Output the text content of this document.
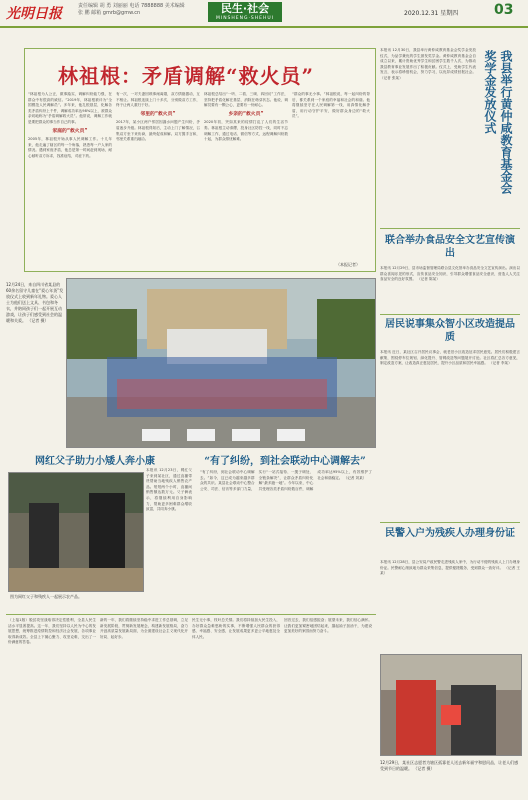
光明日报	责任编辑 胡 勇 刘丽丽 电话 7888888 美术编辑 张 鹏 邮箱 gmrb@gmw.cn	民生·社会
MINSHENG·SHEHUI
2020.12.31 星期四	03
林祖根：矛盾调解“救火员”
“林祖根为人公正，做事踏实，调解纠纷能力强，在群众中有很高的威信。”2019年，林祖根被评为“全国模范人民调解员”。多年来，他扎根基层，化解各类矛盾纠纷上千件，调解成功率达98%以上，被群众亲切地称为“矛盾调解救火员”。他常说，调解工作就是要把群众的事当作自己的事。
家庭的“救火员”
2005年，林祖根开始从事人民调解工作。十几年来，他走遍了辖区的每一个角落，熟悉每一户人家的情况。遇到家庭矛盾，他总是第一时间赶到现场，耐心倾听双方诉求，找准症结，对症下药。
有一次，一对夫妻因琐事闹离婚，双方情绪激动，互不相让。林祖根连续上门十多次，分别做双方工作，终于让两人重归于好。
邻里的“救火员”
2017年，某小区两户邻居因漏水问题产生纠纷，矛盾逐步升级。林祖根得知后，主动上门了解情况，召集双方坐下来协商，最终促成和解。双方握手言和，邻里关系重归融洽。
林祖根总结出“一听、二看、三调、四回访”工作法，坚持把矛盾化解在基层、消除在萌芽状态。他说，调解员要有一颗公心，更要有一份耐心。
乡亲的“救火员”
2020年初，突如其来的疫情打乱了人们的生活节奏。林祖根主动请缨，投身社区防控一线，同时不忘调解工作，通过电话、微信等方式，远程调解纠纷数十起，为群众排忧解难。
“群众的事无小事。”林祖根说，每一起纠纷的背后，都关系到一个家庭的幸福和社会的和谐。他将继续坚守在人民调解第一线，用真情化解矛盾，用行动守护平安，做好群众身边的“救火员”。
（本报记者）
本报讯 12月30日，我县举行黄仲咸教育基金会奖学金发放仪式，为品学兼优的学生颁发奖学金。黄仲咸教育基金会自成立以来，累计资助优秀学生和贫困学生数千人次，为推动我县教育事业发展作出了积极贡献。仪式上，受助学生代表发言，表示将珍惜机会，努力学习，以优异成绩回报社会。 （记者 张某）	我县举行黄仲咸教育基金会奖学金发放仪式
联合举办食品安全文艺宣传演出
本报讯 12月29日，县市场监督管理局联合县文化馆举办食品安全文艺宣传演出。演出以群众喜闻乐见的形式，宣传食品安全知识，引导群众增强食品安全意识，营造人人关注食品安全的良好氛围。 （记者 陈某）
居民说事集众智小区改造提品质
本报讯 近日，某社区召开居民议事会，就老旧小区改造征求居民意见。居民们积极建言献策，围绕停车位规划、绿化提升、管网改造等问题展开讨论。社区将汇总各方意见，制定改造方案，让改造真正惠及居民，提升小区品质和居民幸福感。 （记者 李某）
民警入户为残疾人办理身份证
本报讯 12月28日，县公安局户政民警走进残疾人家中，为行动不便的残疾人上门办理身份证。民警耐心细致地为群众采集信息，提供便捷服务，受到群众一致好评。 （记者 王某）
12月24日，来自四川省某县的60余名留守儿童在“爱心年货”发放仪式上收到新年礼物。爱心人士为他们送上文具、书包和冬衣，并陪同孩子们一起开展互动游戏，让孩子们感受到社会的温暖和关爱。 （记者 摄）
网红父子助力小矮人奔小康
本报讯 12月23日，网红父子来到某社区，通过直播带货帮助当地残疾人销售农产品。短短两个小时，直播间销售额达数万元。父子俩表示，将继续利用自身影响力，帮助更多困难群众增收致富，共同奔小康。
图为网红父子和残疾人一起展示农产品。
“有了纠纷，到社会联动中心调解去”
“有了纠纷，到社会联动中心调解去。”如今，这已成为越来越多群众的共识。某县社会联动中心整合公安、司法、信访等多部门力量，实行“一站式接待、一揽子调处、全链条解决”，让群众矛盾纠纷化解“最多跑一地”。今年以来，中心共受理各类矛盾纠纷数百件，调解成功率达95%以上，有效维护了社会和谐稳定。 （记者 刘某）
（上接1版）脱贫攻坚战取得决定性胜利，全县人民生活水平显著提高。这一年，我们坚持以人民为中心的发展思想，统筹推进疫情防控和经济社会发展，各项事业取得新成效。全县上下凝心聚力、攻坚克难，交出了一份满意的答卷。
新的一年，我们将继续坚持稳中求进工作总基调，立足新发展阶段，贯彻新发展理念，构建新发展格局，奋力开创高质量发展新局面，为全面建设社会主义现代化开好局、起好步。
民生无小事，枝叶总关情。我们将持续加大民生投入，办好群众急难愁盼的实事，不断增强人民群众的获得感、幸福感、安全感，让发展成果更多更公平地惠及全体人民。
回首过去，我们倍感振奋；展望未来，我们信心满怀。让我们更加紧密地团结起来，撸起袖子加油干，为建设更加美好的家园而努力奋斗。
12月29日，某社区志愿者为辖区孤寡老人送去新年福字和慰问品，让老人们感受到节日的温暖。 （记者 摄）
